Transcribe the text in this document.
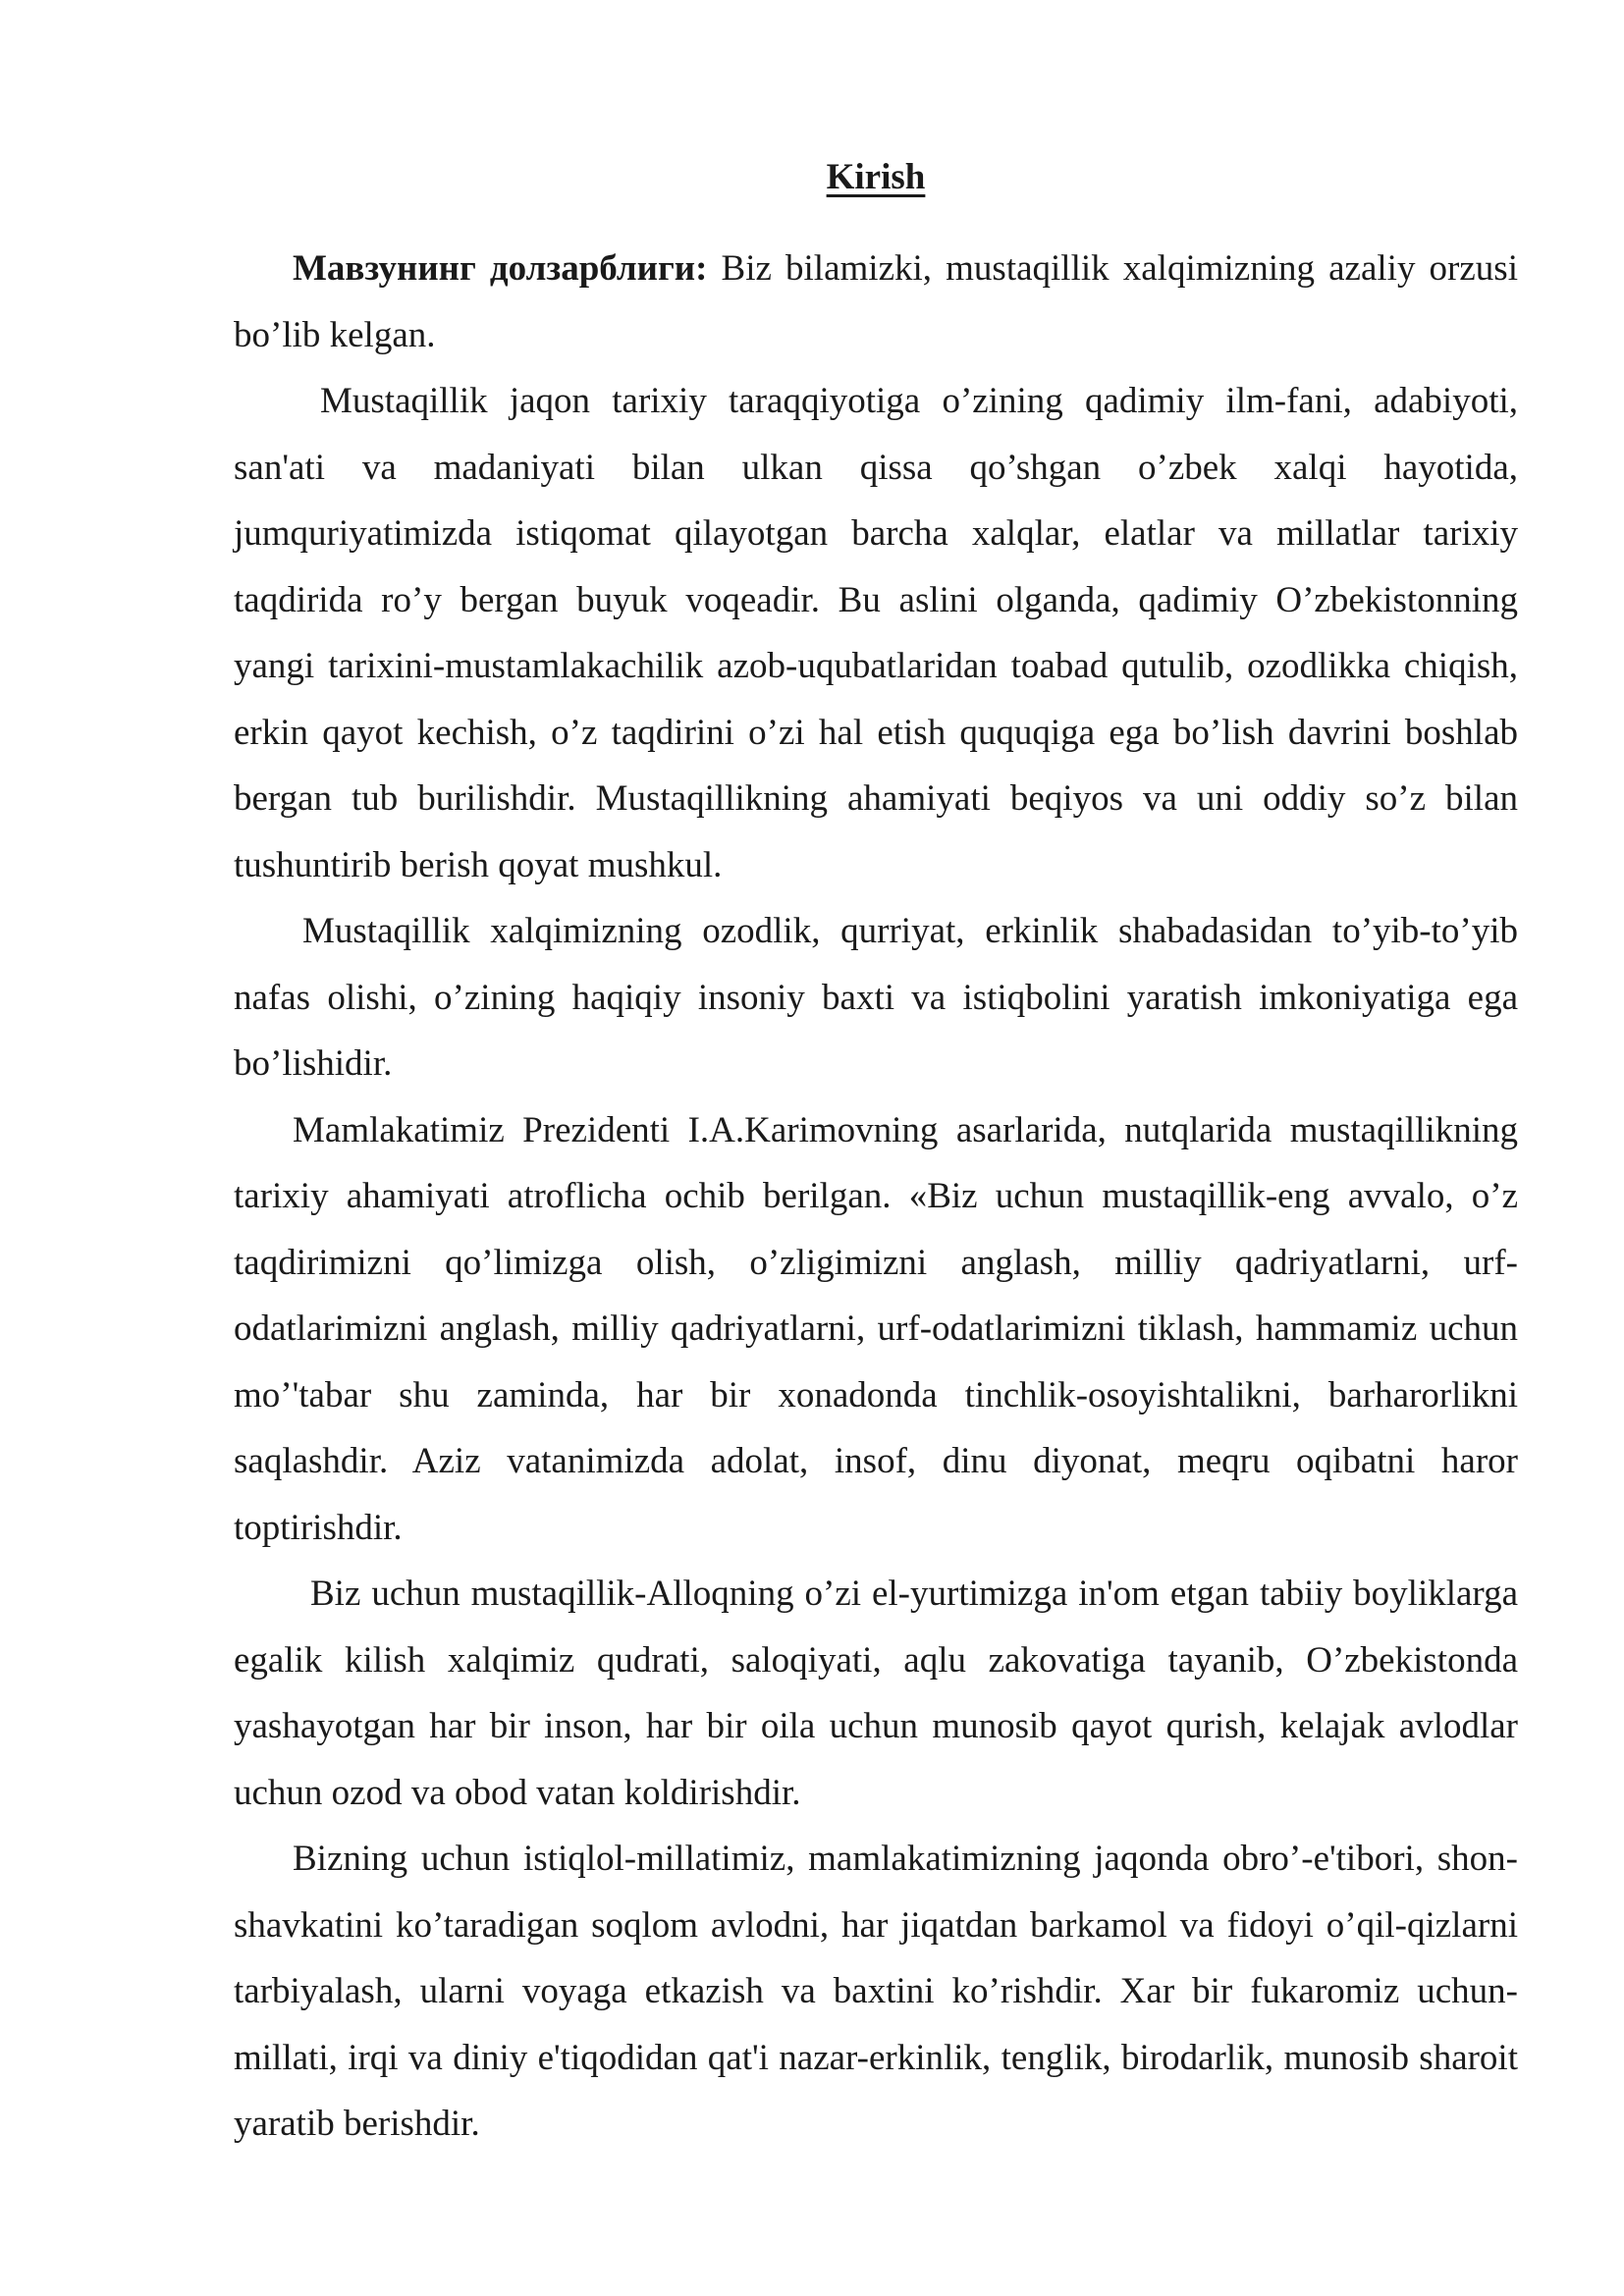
Kirish

Мавзунинг долзарблиги: Biz bilamizki, mustaqillik xalqimizning azaliy orzusi bo’lib kelgan.

Mustaqillik jaqon tarixiy taraqqiyotiga o’zining qadimiy ilm-fani, adabiyoti, san'ati va madaniyati bilan ulkan qissa qo’shgan o’zbek xalqi hayotida, jumquriyatimizda istiqomat qilayotgan barcha xalqlar, elatlar va millatlar tarixiy taqdirida ro’y bergan buyuk voqeadir. Bu aslini olganda, qadimiy O’zbekistonning yangi tarixini-mustamlakachilik azob-uqubatlaridan toabad qutulib, ozodlikka chiqish, erkin qayot kechish, o’z taqdirini o’zi hal etish ququqiga ega bo’lish davrini boshlab bergan tub burilishdir. Mustaqillikning ahamiyati beqiyos va uni oddiy so’z bilan tushuntirib berish qoyat mushkul.

Mustaqillik xalqimizning ozodlik, qurriyat, erkinlik shabadasidan to’yib-to’yib nafas olishi, o’zining haqiqiy insoniy baxti va istiqbolini yaratish imkoniyatiga ega bo’lishidir.

Mamlakatimiz Prezidenti I.A.Karimovning asarlarida, nutqlarida mustaqillikning tarixiy ahamiyati atroflicha ochib berilgan. «Biz uchun mustaqillik-eng avvalo, o’z taqdirimizni qo’limizga olish, o’zligimizni anglash, milliy qadriyatlarni, urf-odatlarimizni anglash, milliy qadriyatlarni, urf-odatlarimizni tiklash, hammamiz uchun mo’'tabar shu zaminda, har bir xonadonda tinchlik-osoyishtalikni, barharorlikni saqlashdir. Aziz vatanimizda adolat, insof, dinu diyonat, meqru oqibatni haror toptirishdir.

Biz uchun mustaqillik-Alloqning o’zi el-yurtimizga in'om etgan tabiiy boyliklarga egalik kilish xalqimiz qudrati, saloqiyati, aqlu zakovatiga tayanib, O’zbekistonda yashayotgan har bir inson, har bir oila uchun munosib qayot qurish, kelajak avlodlar uchun ozod va obod vatan koldirishdir.

Bizning uchun istiqlol-millatimiz, mamlakatimizning jaqonda obro’-e'tibori, shon-shavkatini ko’taradigan soqlom avlodni, har jiqatdan barkamol va fidoyi o’qil-qizlarni tarbiyalash, ularni voyaga etkazish va baxtini ko’rishdir. Xar bir fukaromiz uchun-millati, irqi va diniy e'tiqodidan qat'i nazar-erkinlik, tenglik, birodarlik, munosib sharoit yaratib berishdir.
